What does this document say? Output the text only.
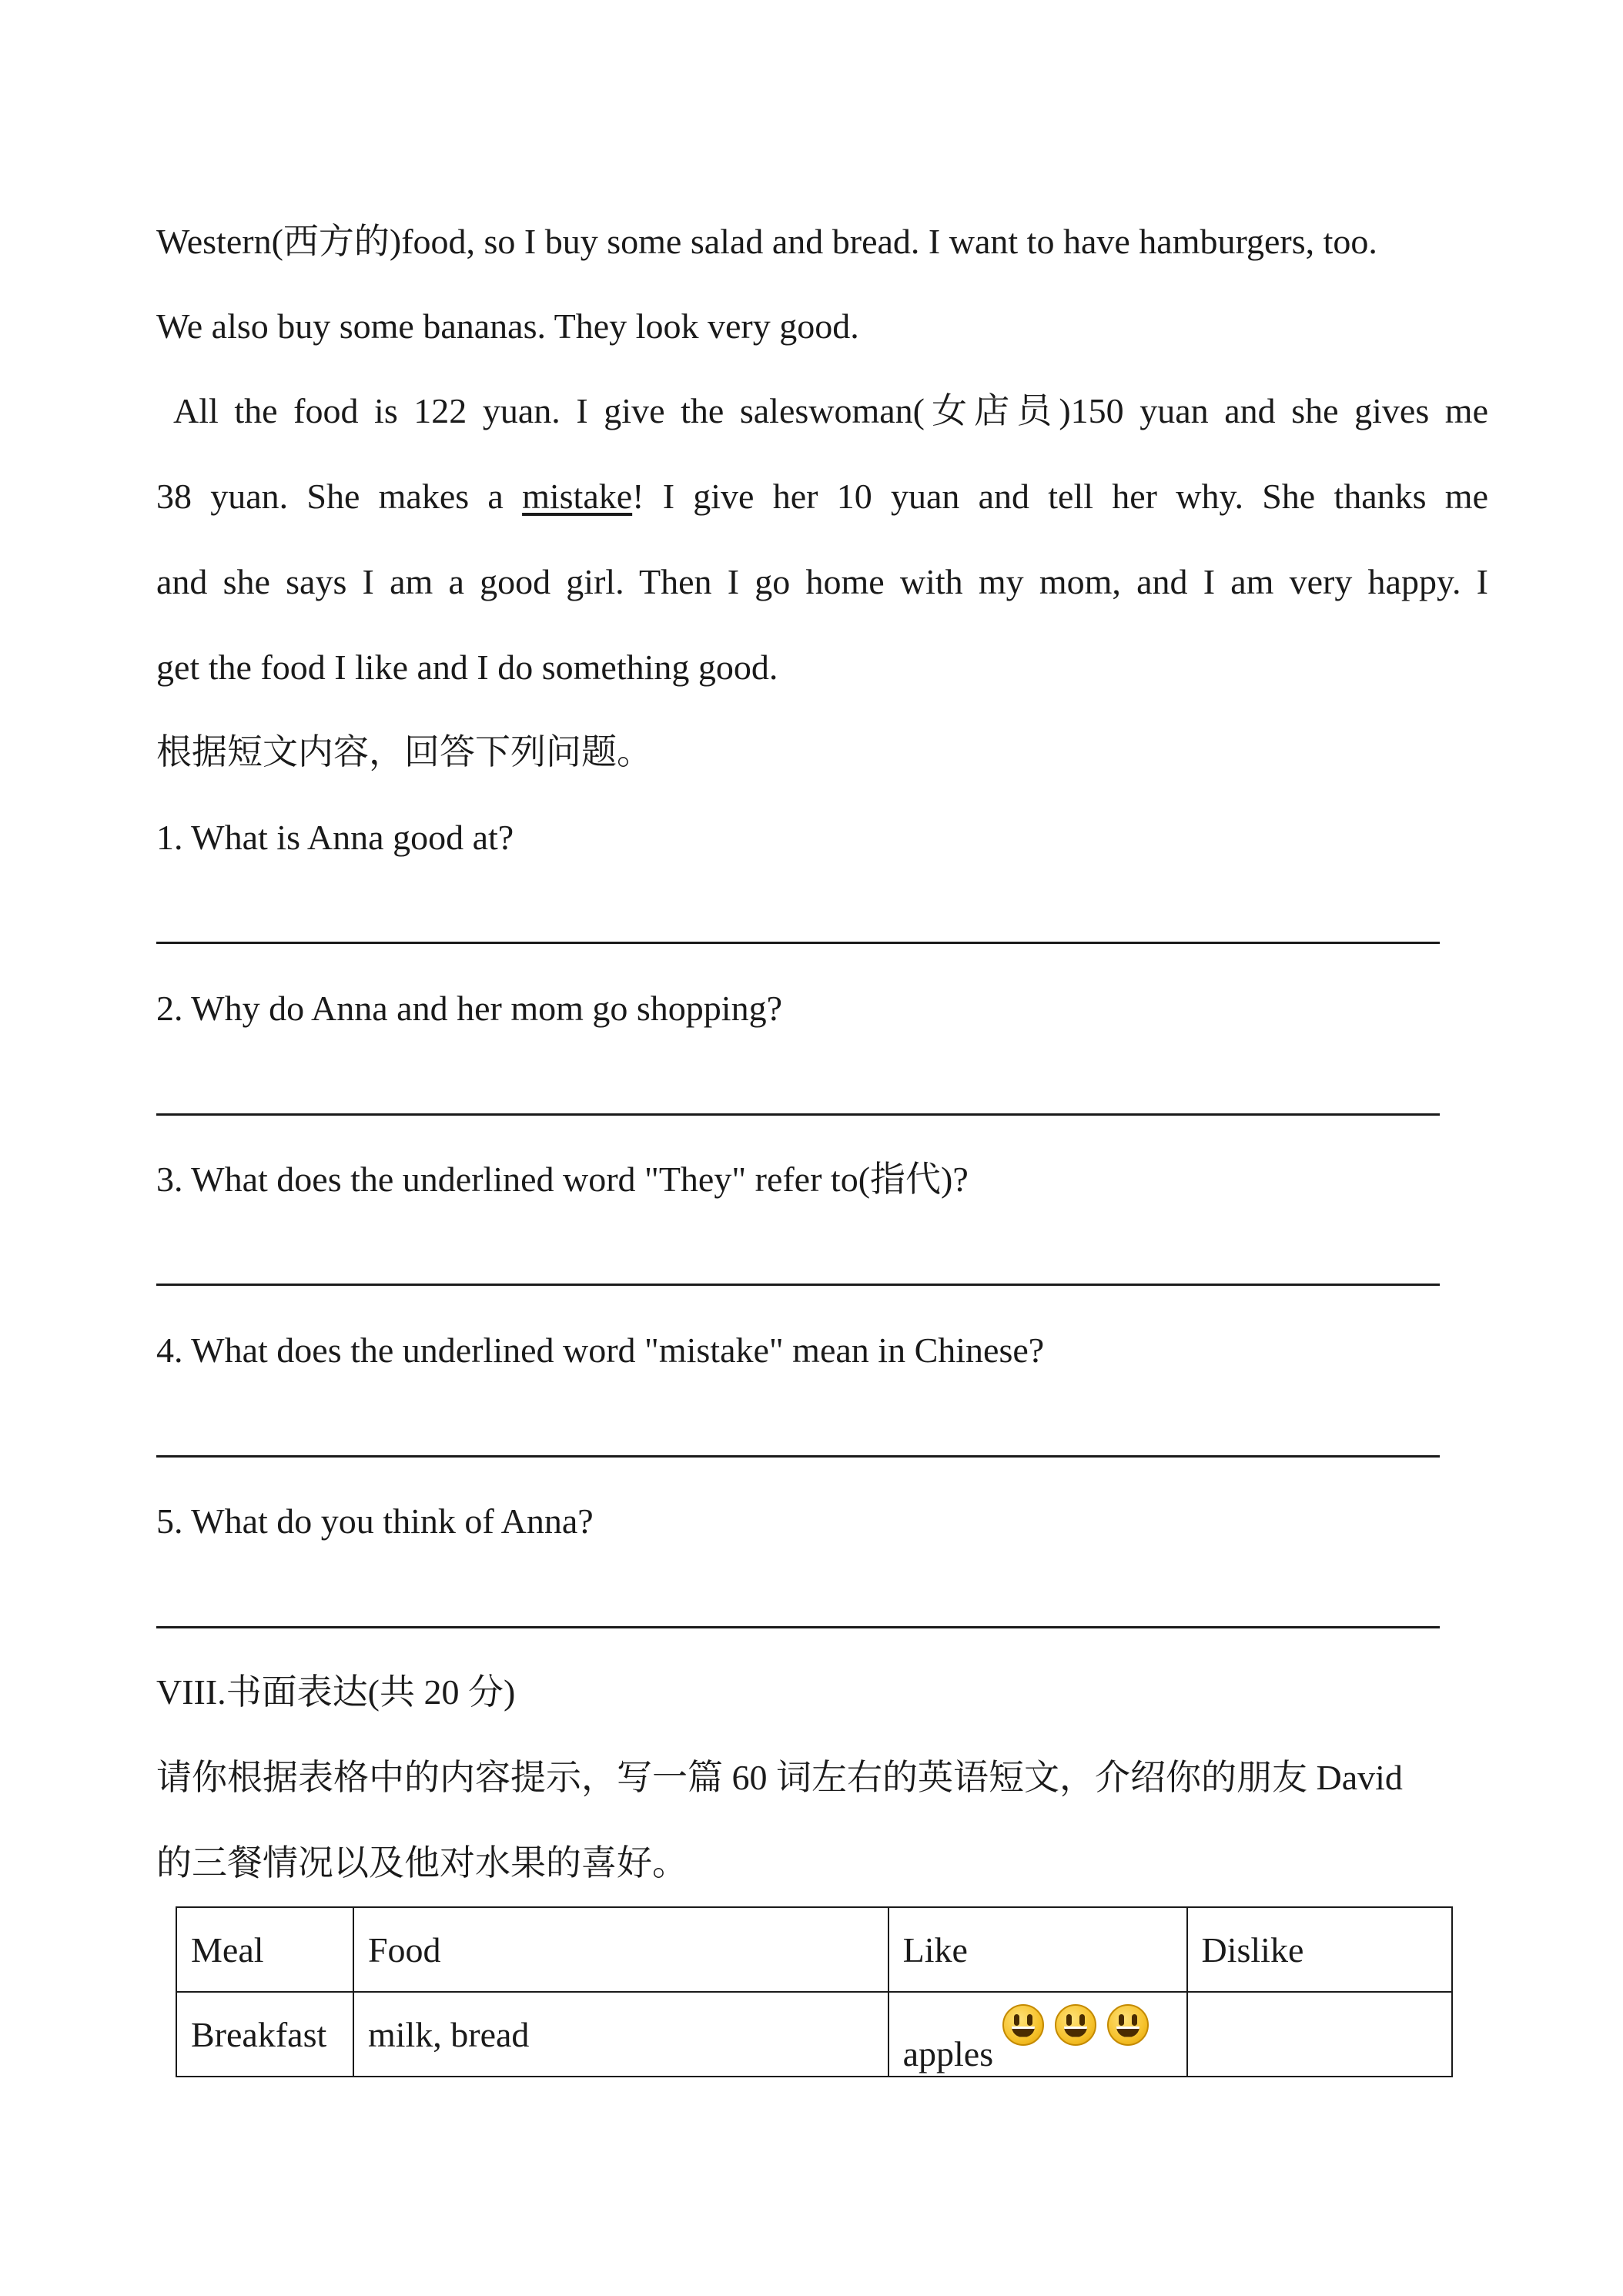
Western(西方的)food, so I buy some salad and bread. I want to have hamburgers, too.
We also buy some bananas. They look very good.
All the food is 122 yuan. I give the saleswoman(女店员)150 yuan and she gives me
38 yuan. She makes a mistake! I give her 10 yuan and tell her why. She thanks me
and she says I am a good girl. Then I go home with my mom, and I am very happy. I
get the food I like and I do something good.
根据短文内容，回答下列问题。
1. What is Anna good at?
2. Why do Anna and her mom go shopping?
3. What does the underlined word "They" refer to(指代)?
4. What does the underlined word "mistake" mean in Chinese?
5. What do you think of Anna?
VIII.书面表达(共 20 分)
请你根据表格中的内容提示，写一篇 60 词左右的英语短文，介绍你的朋友 David
的三餐情况以及他对水果的喜好。
Meal	Food	Like	Dislike
Breakfast	milk, bread	apples	
